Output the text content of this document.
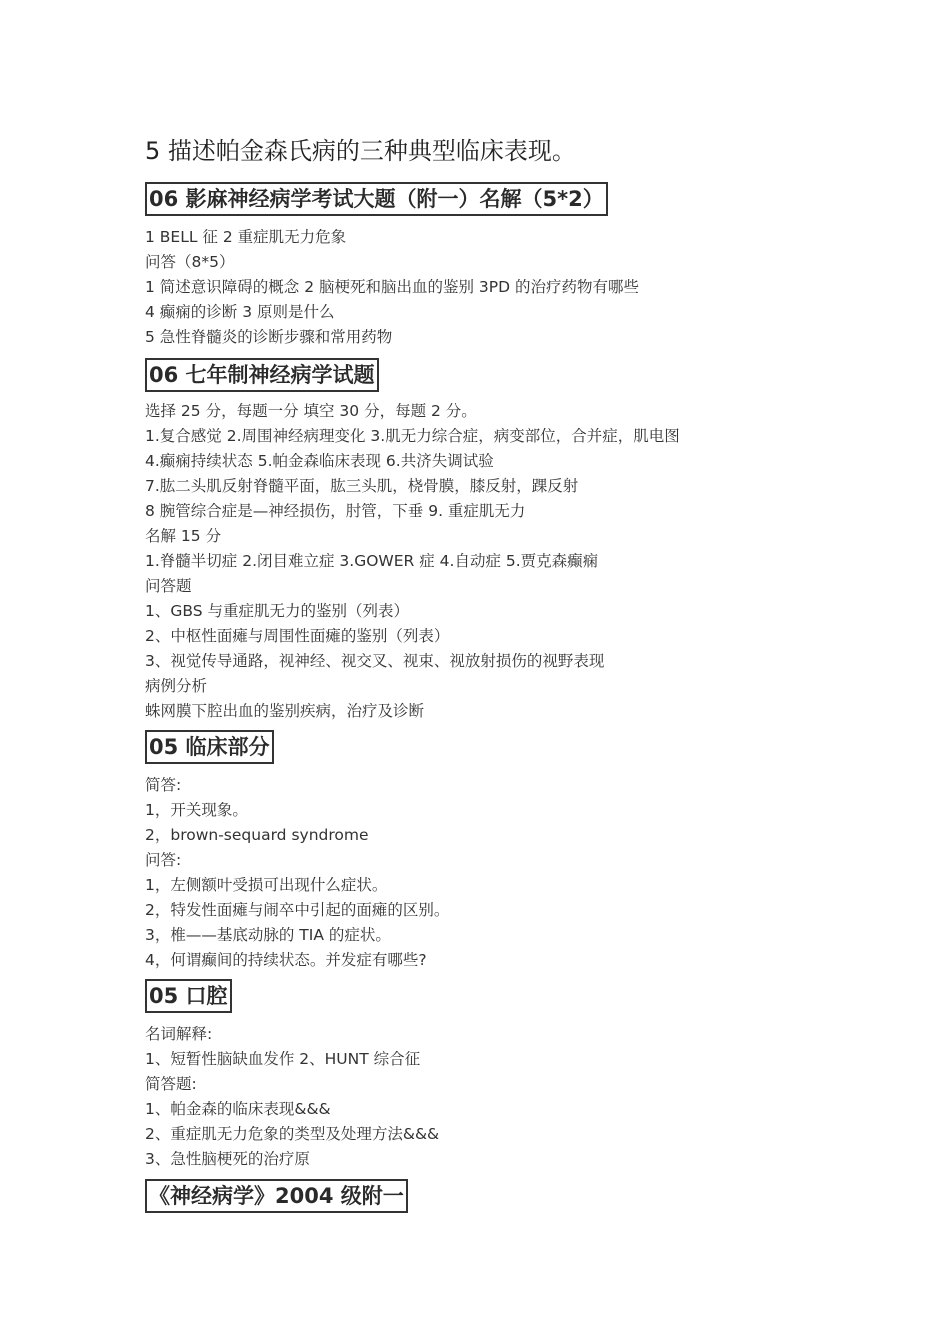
5 描述帕金森氏病的三种典型临床表现。
06 影麻神经病学考试大题（附一）名解（5*2）
1 BELL 征 2 重症肌无力危象
问答（8*5）
1 简述意识障碍的概念 2 脑梗死和脑出血的鉴别 3PD 的治疗药物有哪些
4 癫痫的诊断 3 原则是什么
5 急性脊髓炎的诊断步骤和常用药物
06 七年制神经病学试题
选择 25 分，每题一分 填空 30 分，每题 2 分。
1.复合感觉 2.周围神经病理变化 3.肌无力综合症，病变部位，合并症，肌电图
4.癫痫持续状态 5.帕金森临床表现 6.共济失调试验
7.肱二头肌反射脊髓平面，肱三头肌，桡骨膜，膝反射，踝反射
8 腕管综合症是—神经损伤，肘管，下垂 9. 重症肌无力
名解 15 分
1.脊髓半切症 2.闭目难立症 3.GOWER 症 4.自动症 5.贾克森癫痫
问答题
1、GBS 与重症肌无力的鉴别（列表）
2、中枢性面瘫与周围性面瘫的鉴别（列表）
3、视觉传导通路，视神经、视交叉、视束、视放射损伤的视野表现
病例分析
蛛网膜下腔出血的鉴别疾病，治疗及诊断
05 临床部分
简答:
1，开关现象。
2，brown-sequard syndrome
问答:
1，左侧额叶受损可出现什么症状。
2，特发性面瘫与闹卒中引起的面瘫的区别。
3，椎——基底动脉的 TIA 的症状。
4，何谓癫间的持续状态。并发症有哪些?
05 口腔
名词解释:
1、短暂性脑缺血发作 2、HUNT 综合征
简答题:
1、帕金森的临床表现&&&
2、重症肌无力危象的类型及处理方法&&&
3、急性脑梗死的治疗原
《神经病学》2004 级附一
